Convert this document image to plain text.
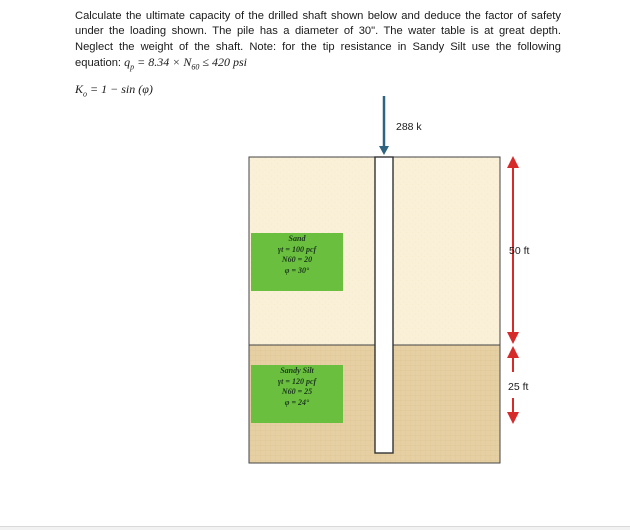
Calculate the ultimate capacity of the drilled shaft shown below and deduce the factor of safety under the loading shown. The pile has a diameter of 30". The water table is at great depth. Neglect the weight of the shaft. Note: for the tip resistance in Sandy Silt use the following equation: $q_p = 8.34 \times N_{60} \le 420$ psi
$K_o = 1 - \sin (\varphi)$
288 k
50 ft
25 ft
Sand
γt = 100 pcf
N60 = 20
φ = 30°
Sandy Silt
γt = 120 pcf
N60 = 25
φ = 24°
